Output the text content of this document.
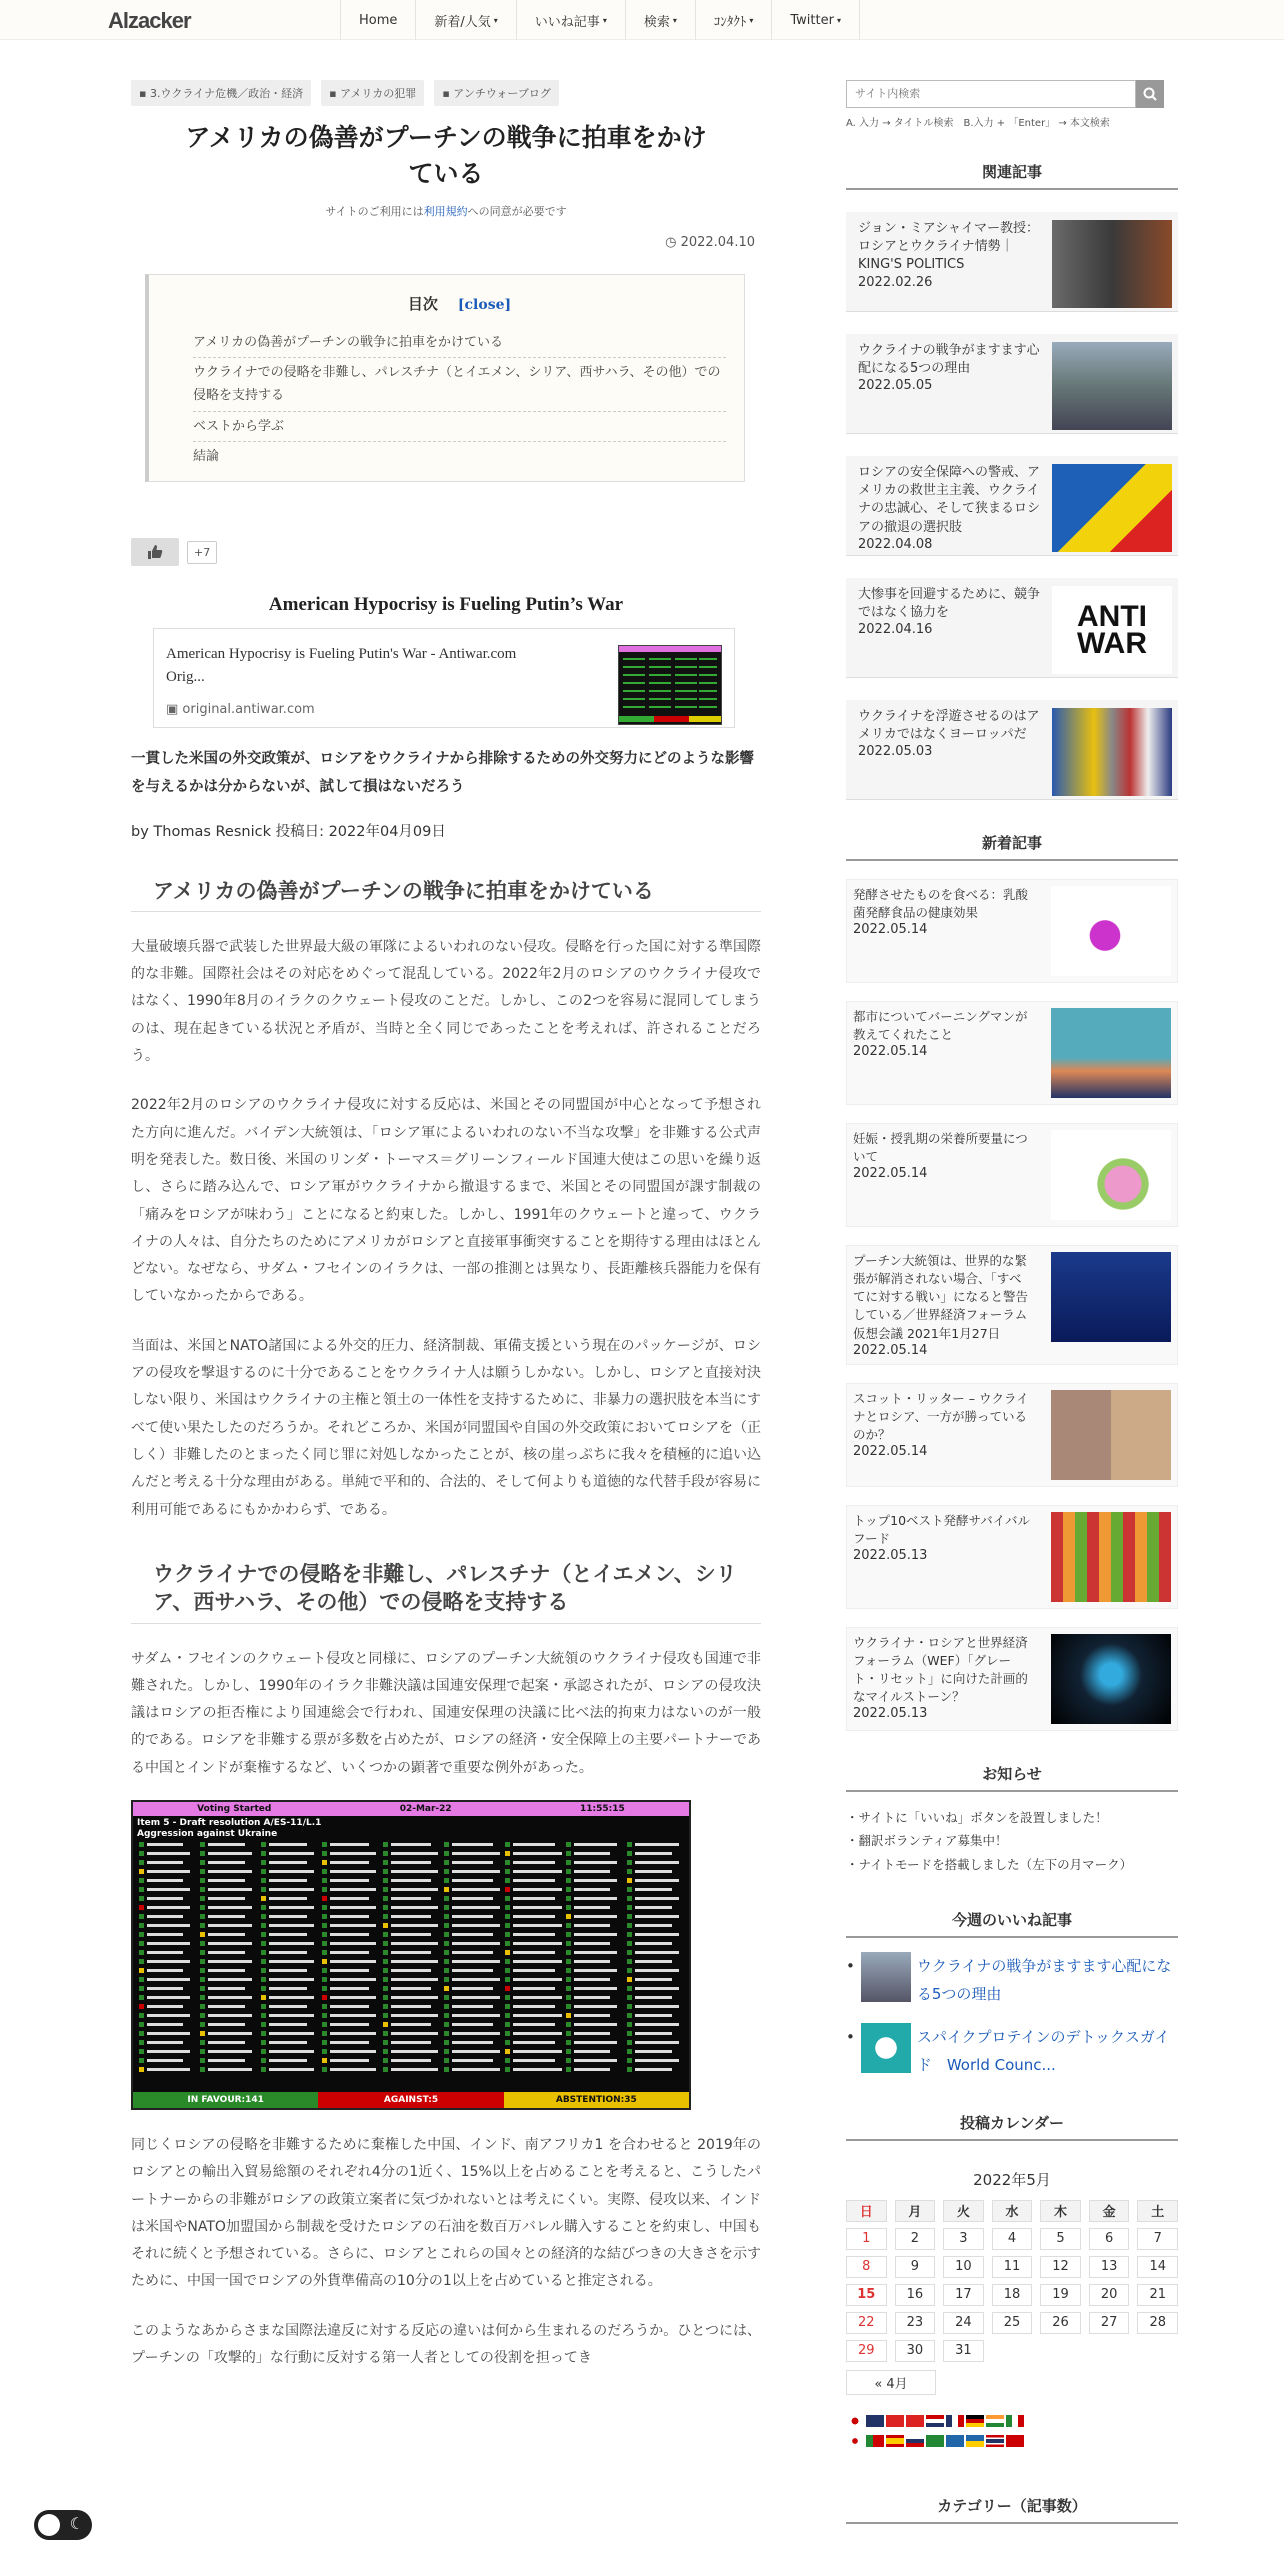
Alzacker	Home	新着/人気 ▾	いいね記事 ▾	検索 ▾	ｺﾝﾀｸﾄ ▾	Twitter ▾
▪ 3.ウクライナ危機／政治・経済	▪ アメリカの犯罪	▪ アンチウォーブログ
アメリカの偽善がプーチンの戦争に拍車をかけている
サイトのご利用には利用規約への同意が必要です
◷ 2022.04.10
目次 [close]
アメリカの偽善がプーチンの戦争に拍車をかけている
ウクライナでの侵略を非難し、パレスチナ（とイエメン、シリア、西サハラ、その他）での侵略を支持する
ベストから学ぶ
結論
+7
American Hypocrisy is Fueling Putin’s War
American Hypocrisy is Fueling Putin's War - Antiwar.com Orig...
▣ original.antiwar.com

一貫した米国の外交政策が、ロシアをウクライナから排除するための外交努力にどのような影響を与えるかは分からないが、試して損はないだろう

by Thomas Resnick 投稿日: 2022年04月09日

アメリカの偽善がプーチンの戦争に拍車をかけている

大量破壊兵器で武装した世界最大級の軍隊によるいわれのない侵攻。侵略を行った国に対する準国際的な非難。国際社会はその対応をめぐって混乱している。2022年2月のロシアのウクライナ侵攻ではなく、1990年8月のイラクのクウェート侵攻のことだ。しかし、この2つを容易に混同してしまうのは、現在起きている状況と矛盾が、当時と全く同じであったことを考えれば、許されることだろう。

2022年2月のロシアのウクライナ侵攻に対する反応は、米国とその同盟国が中心となって予想された方向に進んだ。バイデン大統領は、「ロシア軍によるいわれのない不当な攻撃」を非難する公式声明を発表した。数日後、米国のリンダ・トーマス＝グリーンフィールド国連大使はこの思いを繰り返し、さらに踏み込んで、ロシア軍がウクライナから撤退するまで、米国とその同盟国が課す制裁の「痛みをロシアが味わう」ことになると約束した。しかし、1991年のクウェートと違って、ウクライナの人々は、自分たちのためにアメリカがロシアと直接軍事衝突することを期待する理由はほとんどない。なぜなら、サダム・フセインのイラクは、一部の推測とは異なり、長距離核兵器能力を保有していなかったからである。

当面は、米国とNATO諸国による外交的圧力、経済制裁、軍備支援という現在のパッケージが、ロシアの侵攻を撃退するのに十分であることをウクライナ人は願うしかない。しかし、ロシアと直接対決しない限り、米国はウクライナの主権と領土の一体性を支持するために、非暴力の選択肢を本当にすべて使い果たしたのだろうか。それどころか、米国が同盟国や自国の外交政策においてロシアを（正しく）非難したのとまったく同じ罪に対処しなかったことが、核の崖っぷちに我々を積極的に追い込んだと考える十分な理由がある。単純で平和的、合法的、そして何よりも道徳的な代替手段が容易に利用可能であるにもかかわらず、である。

ウクライナでの侵略を非難し、パレスチナ（とイエメン、シリア、西サハラ、その他）での侵略を支持する

サダム・フセインのクウェート侵攻と同様に、ロシアのプーチン大統領のウクライナ侵攻も国連で非難された。しかし、1990年のイラク非難決議は国連安保理で起案・承認されたが、ロシアの侵攻決議はロシアの拒否権により国連総会で行われ、国連安保理の決議に比べ法的拘束力はないのが一般的である。ロシアを非難する票が多数を占めたが、ロシアの経済・安全保障上の主要パートナーである中国とインドが棄権するなど、いくつかの顕著で重要な例外があった。

Voting Started	02-Mar-22	11:55:15
Item 5 - Draft resolution A/ES-11/L.1
Aggression against Ukraine
IN FAVOUR:141	AGAINST:5	ABSTENTION:35

同じくロシアの侵略を非難するために棄権した中国、インド、南アフリカ1 を合わせると 2019年のロシアとの輸出入貿易総額のそれぞれ4分の1近く、15%以上を占めることを考えると、こうしたパートナーからの非難がロシアの政策立案者に気づかれないとは考えにくい。実際、侵攻以来、インドは米国やNATO加盟国から制裁を受けたロシアの石油を数百万バレル購入することを約束し、中国もそれに続くと予想されている。さらに、ロシアとこれらの国々との経済的な結びつきの大きさを示すために、中国一国でロシアの外貨準備高の10分の1以上を占めていると推定される。

このようなあからさまな国際法違反に対する反応の違いは何から生まれるのだろうか。ひとつには、プーチンの「攻撃的」な行動に反対する第一人者としての役割を担ってき

サイト内検索
A. 入力 → タイトル検索　B.入力 + 「Enter」 → 本文検索
関連記事
ジョン・ミアシャイマー教授：ロシアとウクライナ情勢｜KING'S POLITICS
2022.02.26
ウクライナの戦争がますます心配になる5つの理由
2022.05.05
ロシアの安全保障への警戒、アメリカの救世主主義、ウクライナの忠誠心、そして狭まるロシアの撤退の選択肢
2022.04.08
大惨事を回避するために、競争ではなく協力を
2022.04.16	ANTI
WAR
ウクライナを浮遊させるのはアメリカではなくヨーロッパだ
2022.05.03
新着記事
発酵させたものを食べる：乳酸菌発酵食品の健康効果
2022.05.14
都市についてバーニングマンが教えてくれたこと
2022.05.14
妊娠・授乳期の栄養所要量について
2022.05.14
プーチン大統領は、世界的な緊張が解消されない場合、「すべてに対する戦い」になると警告している／世界経済フォーラム仮想会議 2021年1月27日
2022.05.14
スコット・リッター – ウクライナとロシア、一方が勝っているのか？
2022.05.14
トップ10ベスト発酵サバイバルフード
2022.05.13
ウクライナ・ロシアと世界経済フォーラム（WEF）「グレート・リセット」に向けた計画的なマイルストーン？
2022.05.13
お知らせ
・サイトに「いいね」ボタンを設置しました！
・翻訳ボランティア募集中！
・ナイトモードを搭載しました（左下の月マーク）
今週のいいね記事
•	ウクライナの戦争がますます心配になる5つの理由
•	スパイクプロテインのデトックスガイド　World Counc...
投稿カレンダー
2022年5月
日	月	火	水	木	金	土
1	2	3	4	5	6	7
8	9	10	11	12	13	14
15	16	17	18	19	20	21
22	23	24	25	26	27	28
29	30	31
« 4月
カテゴリー（記事数）
☾
